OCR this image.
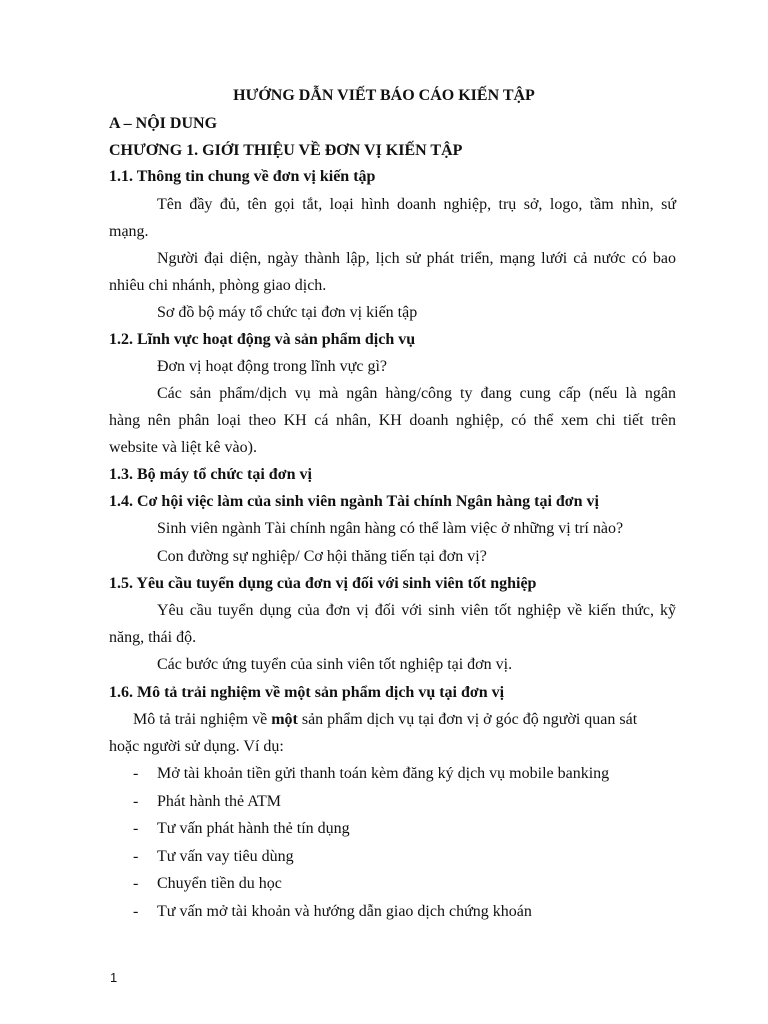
HƯỚNG DẪN VIẾT BÁO CÁO KIẾN TẬP
A – NỘI DUNG
CHƯƠNG 1. GIỚI THIỆU VỀ ĐƠN VỊ KIẾN TẬP
1.1. Thông tin chung về đơn vị kiến tập
Tên đầy đủ, tên gọi tắt, loại hình doanh nghiệp, trụ sở, logo, tầm nhìn, sứ
mạng.
Người đại diện, ngày thành lập, lịch sử phát triển, mạng lưới cả nước có bao
nhiêu chi nhánh, phòng giao dịch.
Sơ đồ bộ máy tổ chức tại đơn vị kiến tập
1.2. Lĩnh vực hoạt động và sản phẩm dịch vụ
Đơn vị hoạt động trong lĩnh vực gì?
Các sản phẩm/dịch vụ mà ngân hàng/công ty đang cung cấp (nếu là ngân
hàng nên phân loại theo KH cá nhân, KH doanh nghiệp, có thể xem chi tiết trên
website và liệt kê vào).
1.3. Bộ máy tổ chức tại đơn vị
1.4. Cơ hội việc làm của sinh viên ngành Tài chính Ngân hàng tại đơn vị
Sinh viên ngành Tài chính ngân hàng có thể làm việc ở những vị trí nào?
Con đường sự nghiệp/ Cơ hội thăng tiến tại đơn vị?
1.5. Yêu cầu tuyển dụng của đơn vị đối với sinh viên tốt nghiệp
Yêu cầu tuyển dụng của đơn vị đối với sinh viên tốt nghiệp về kiến thức, kỹ
năng, thái độ.
Các bước ứng tuyển của sinh viên tốt nghiệp tại đơn vị.
1.6. Mô tả trải nghiệm về một sản phẩm dịch vụ tại đơn vị
Mô tả trải nghiệm về một sản phẩm dịch vụ tại đơn vị ở góc độ người quan sát
hoặc người sử dụng. Ví dụ:
- Mở tài khoản tiền gửi thanh toán kèm đăng ký dịch vụ mobile banking
- Phát hành thẻ ATM
- Tư vấn phát hành thẻ tín dụng
- Tư vấn vay tiêu dùng
- Chuyển tiền du học
- Tư vấn mở tài khoản và hướng dẫn giao dịch chứng khoán
1
